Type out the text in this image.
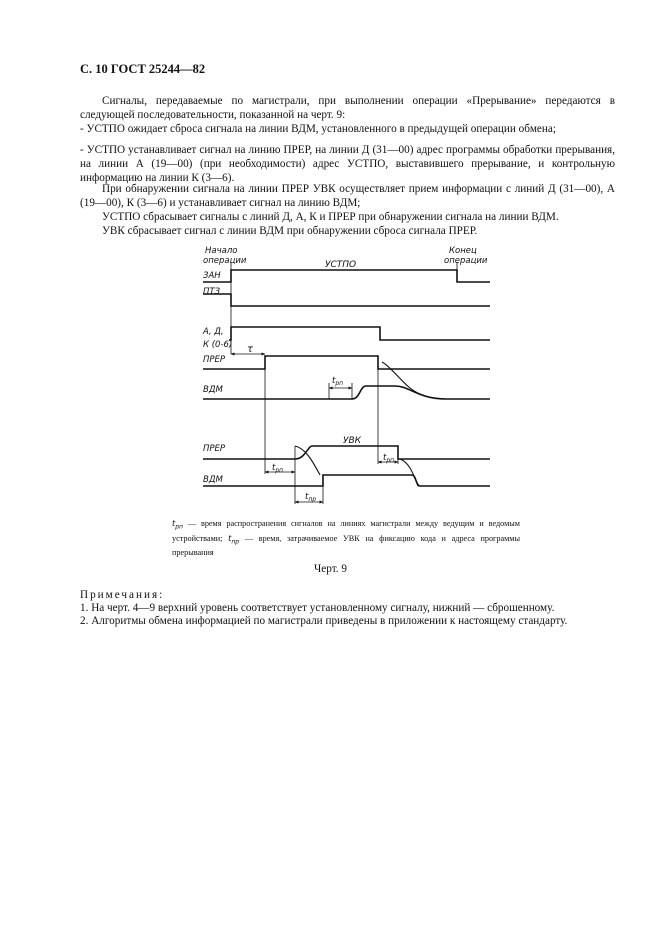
С. 10 ГОСТ 25244—82

Сигналы, передаваемые по магистрали, при выполнении операции «Прерывание» передаются в следующей последовательности, показанной на черт. 9:

- УСТПО ожидает сброса сигнала на линии ВДМ, установленного в предыдущей операции обмена;

- УСТПО устанавливает сигнал на линию ПРЕР, на линии Д (31—00) адрес программы обработки прерывания, на линии А (19—00) (при необходимости) адрес УСТПО, выставившего прерывание, и контрольную информацию на линии К (3—6).

При обнаружении сигнала на линии ПРЕР УВК осуществляет прием информации с линий Д (31—00), А (19—00), К (3—6) и устанавливает сигнал на линию ВДМ;

УСТПО сбрасывает сигналы с линий Д, А, К и ПРЕР при обнаружении сигнала на линии ВДМ.

УВК сбрасывает сигнал с линии ВДМ при обнаружении сброса сигнала ПРЕР.

Начало
операции
Конец
операции
УСТПО
УВК
ЗАН
ПТЗ
А, Д,
К (0-6)
ПРЕР
ВДМ
ПРЕР
ВДМ
τ
$t_{рп}$
$t_{рп}$
$t_{рп}$
$t_{пр}$

$t_{рп}$ — время распространения сигналов на линиях магистрали между ведущим и ведомым устройствами; $t_{пр}$ — время, затрачиваемое УВК на фиксацию кода и адреса программы прерывания

Черт. 9
Примечания:
1. На черт. 4—9 верхний уровень соответствует установленному сигналу, нижний — сброшенному.
2. Алгоритмы обмена информацией по магистрали приведены в приложении к настоящему стандарту.
